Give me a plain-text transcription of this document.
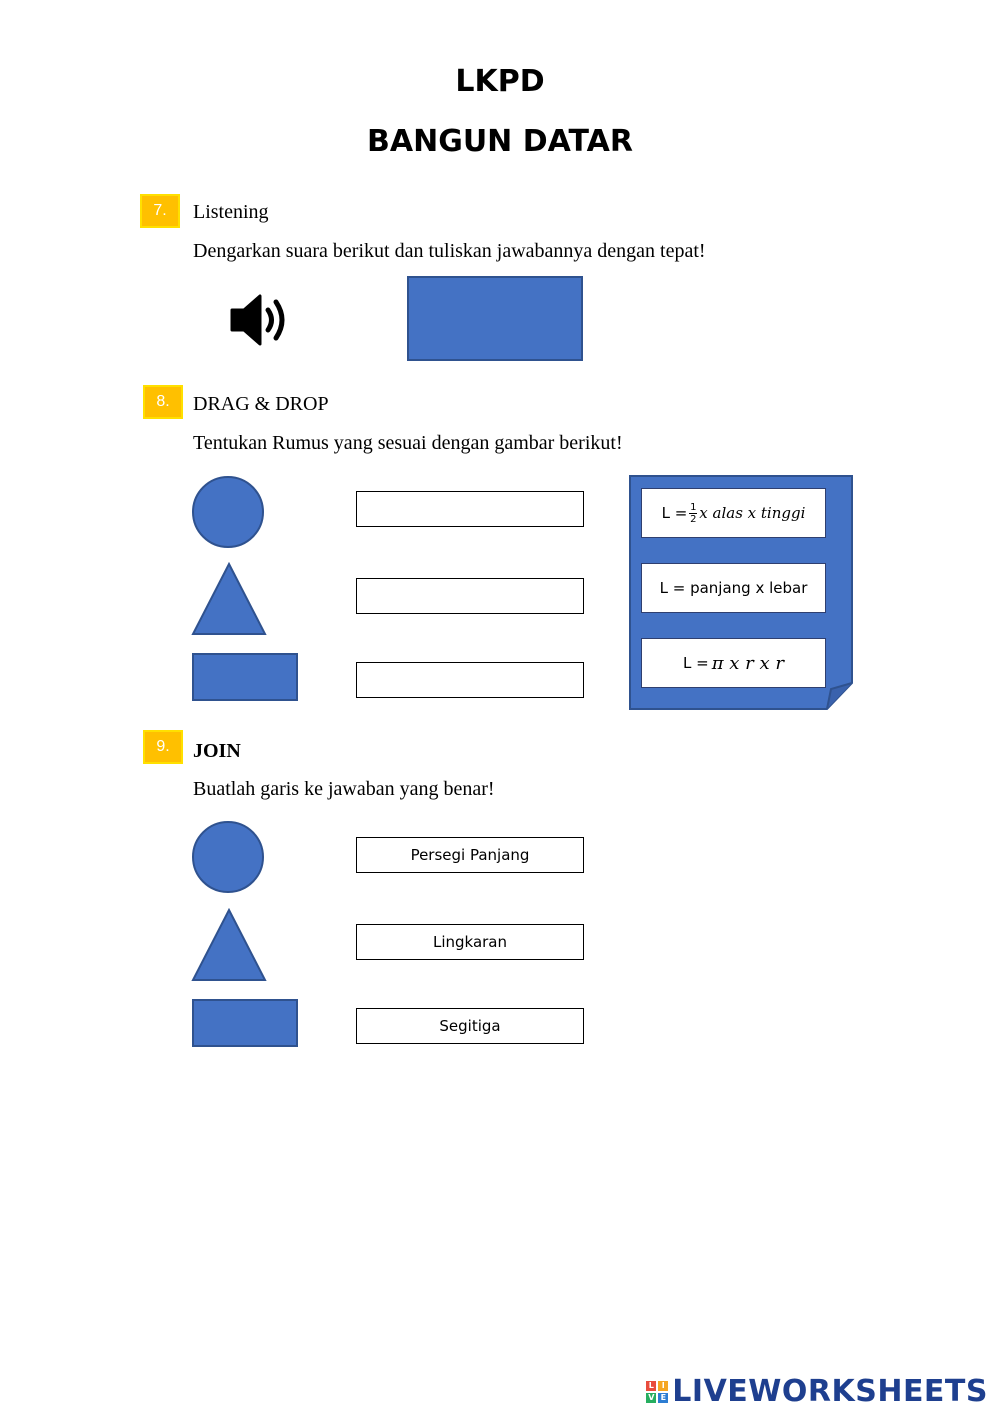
LKPD
BANGUN DATAR
7.	Listening
Dengarkan suara berikut dan tuliskan jawabannya dengan tepat!
8.	DRAG & DROP
Tentukan Rumus yang sesuai dengan gambar berikut!
$L = \frac{1}{2}$ x alas x tinggi
L = panjang x lebar
L = π x r x r
9.	JOIN
Buatlah garis ke jawaban yang benar!
Persegi Panjang
Lingkaran
Segitiga
L I
V E LIVEWORKSHEETS
